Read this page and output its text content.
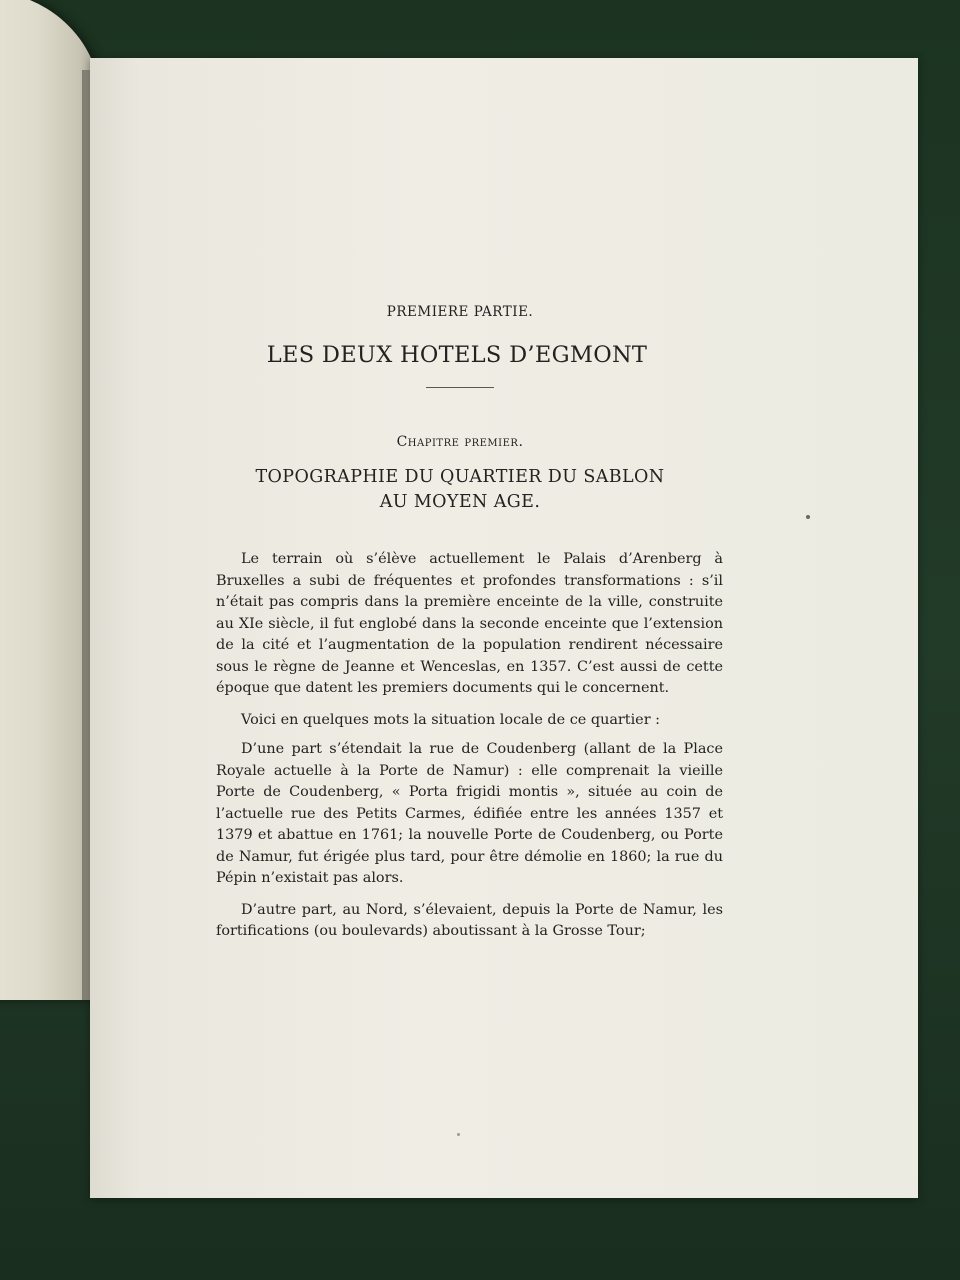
PREMIERE PARTIE.
LES DEUX HOTELS D’EGMONT
Chapitre premier.
TOPOGRAPHIE DU QUARTIER DU SABLON
AU MOYEN AGE.

Le terrain où s’élève actuellement le Palais d’Arenberg à Bruxelles a subi de fréquentes et profondes transformations : s’il n’était pas compris dans la première enceinte de la ville, construite au XIe siècle, il fut englobé dans la seconde enceinte que l’extension de la cité et l’augmentation de la population rendirent nécessaire sous le règne de Jeanne et Wenceslas, en 1357. C’est aussi de cette époque que datent les premiers documents qui le concernent.

Voici en quelques mots la situation locale de ce quartier :

D’une part s’étendait la rue de Coudenberg (allant de la Place Royale actuelle à la Porte de Namur) : elle comprenait la vieille Porte de Coudenberg, « Porta frigidi montis », située au coin de l’actuelle rue des Petits Carmes, édifiée entre les années 1357 et 1379 et abattue en 1761; la nouvelle Porte de Coudenberg, ou Porte de Namur, fut érigée plus tard, pour être démolie en 1860; la rue du Pépin n’existait pas alors.

D’autre part, au Nord, s’élevaient, depuis la Porte de Namur, les fortifications (ou boulevards) aboutissant à la Grosse Tour;
